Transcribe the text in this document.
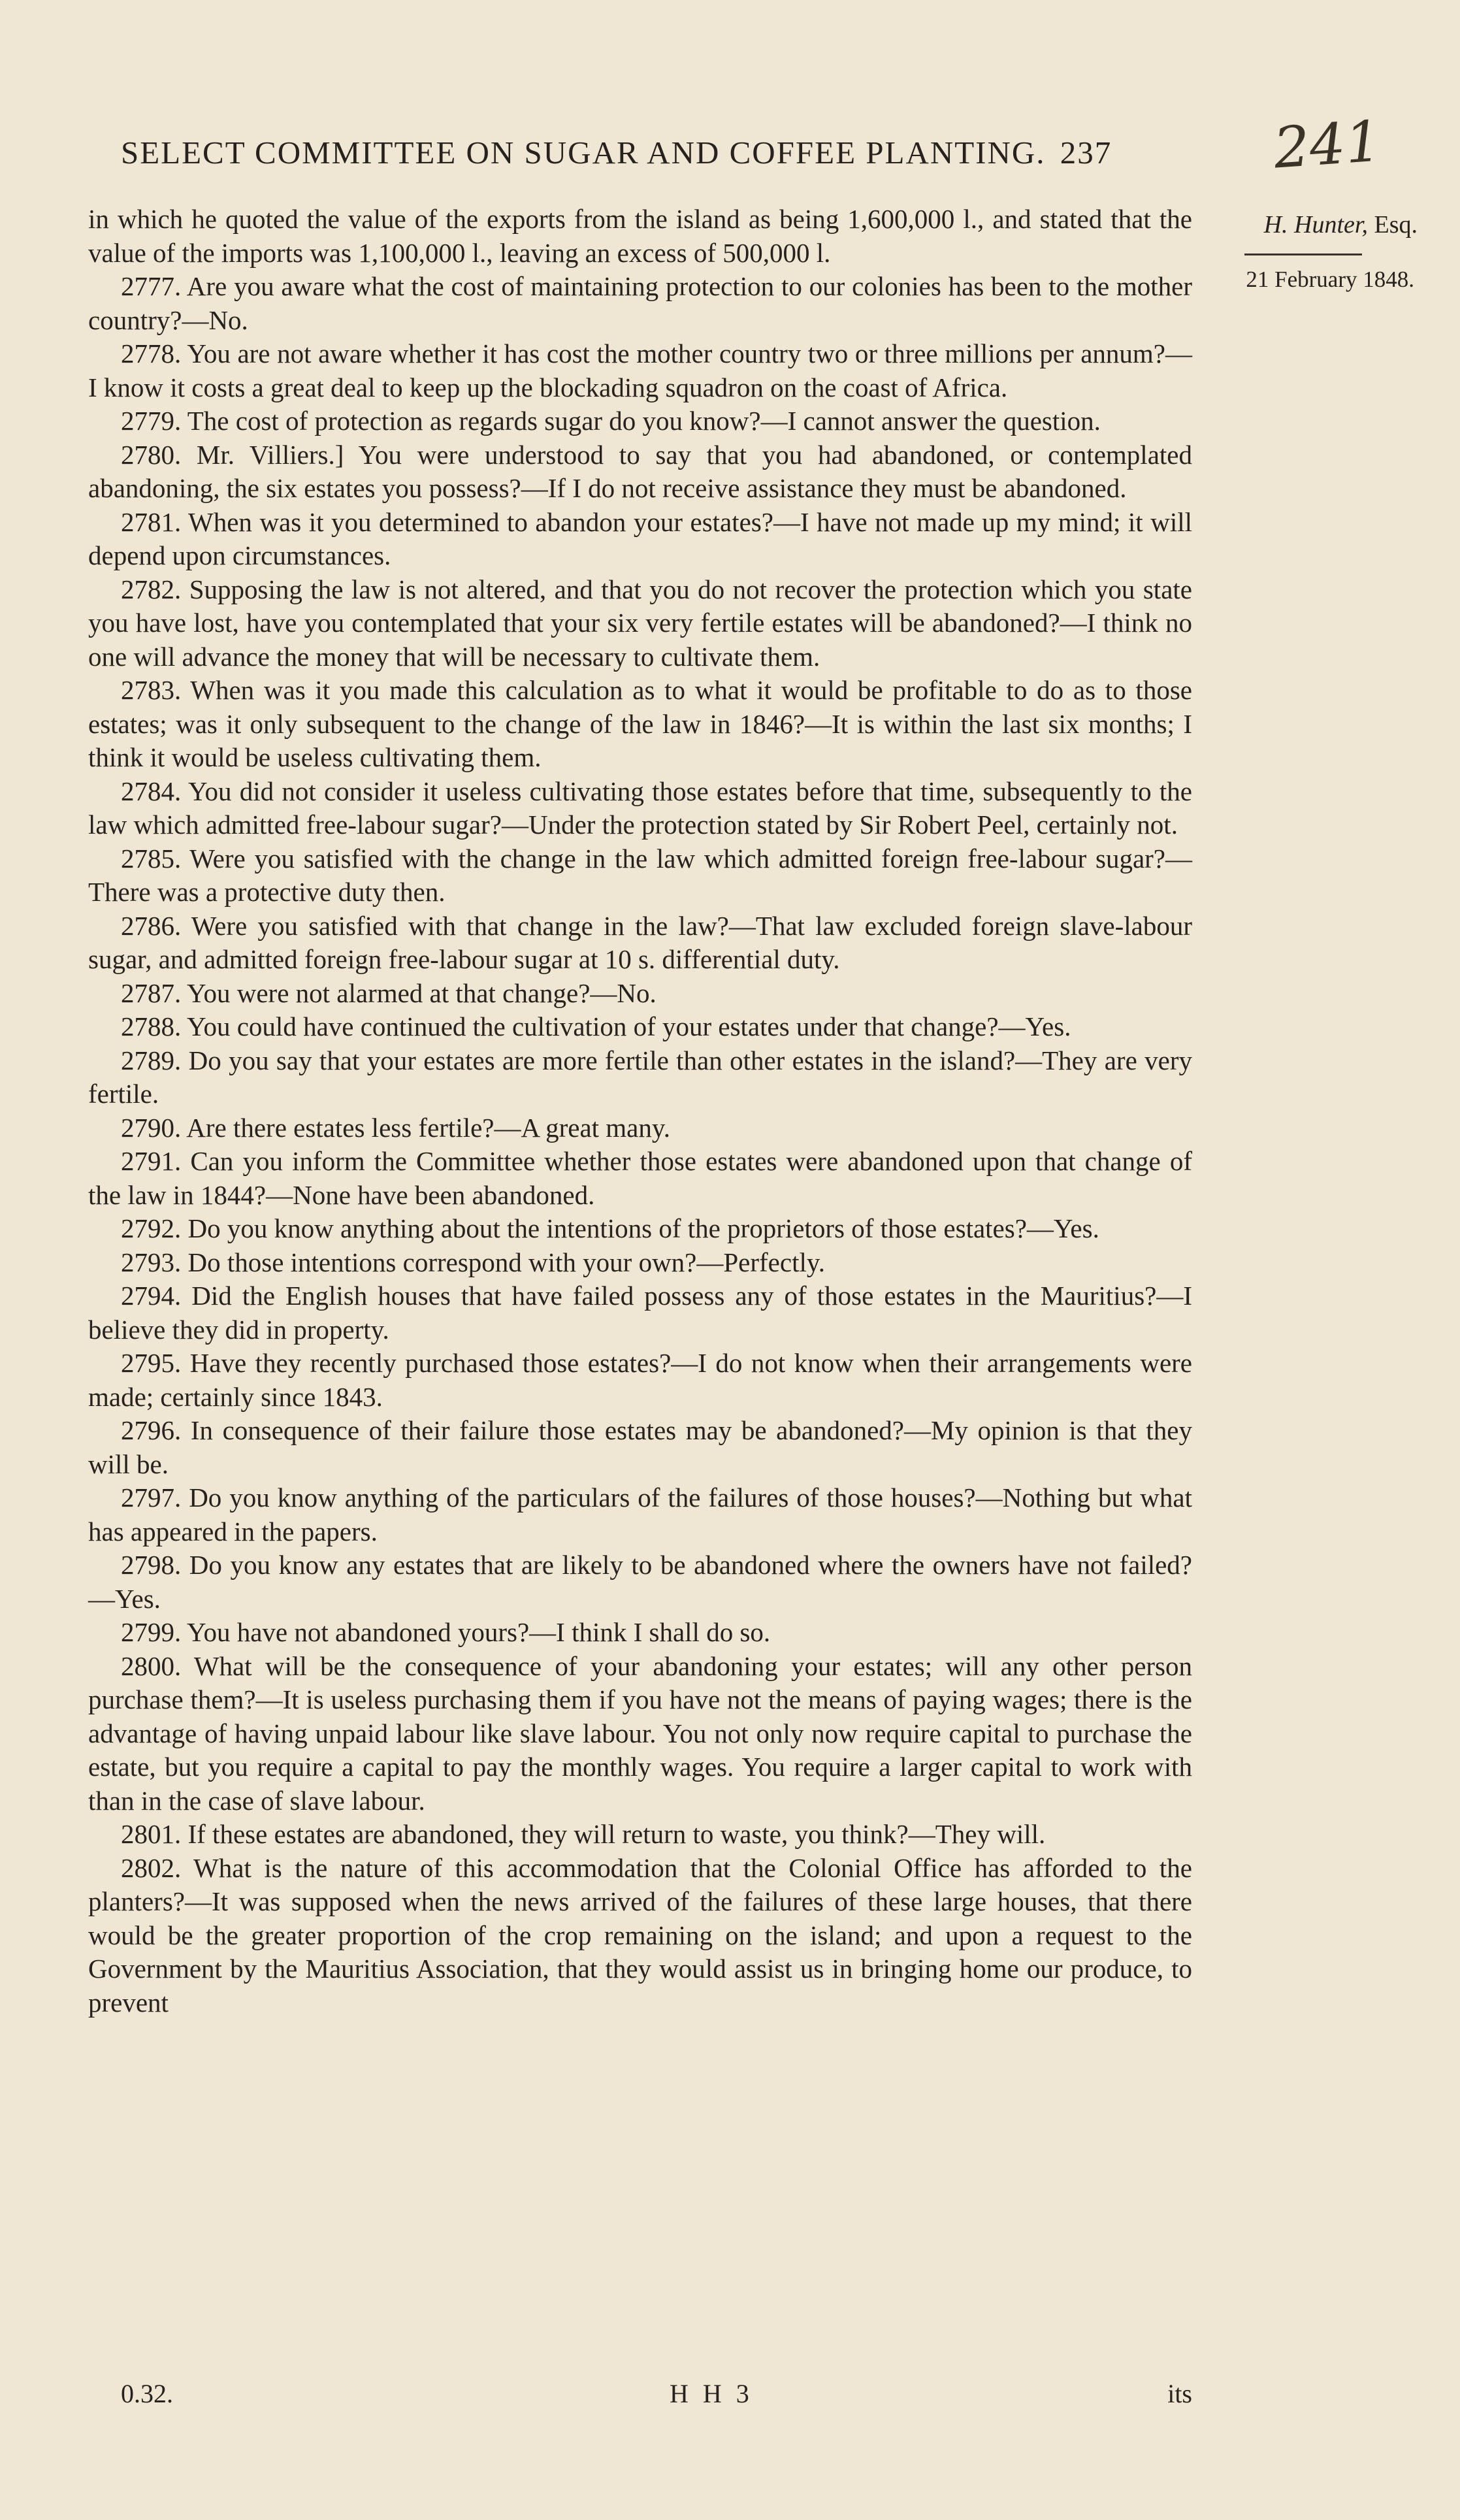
SELECT COMMITTEE ON SUGAR AND COFFEE PLANTING. 237	241
H. Hunter, Esq.
21 February 1848.

in which he quoted the value of the exports from the island as being 1,600,000 l., and stated that the value of the imports was 1,100,000 l., leaving an excess of 500,000 l.

2777. Are you aware what the cost of maintaining protection to our colonies has been to the mother country?—No.

2778. You are not aware whether it has cost the mother country two or three millions per annum?—I know it costs a great deal to keep up the blockading squadron on the coast of Africa.

2779. The cost of protection as regards sugar do you know?—I cannot answer the question.

2780. Mr. Villiers.] You were understood to say that you had abandoned, or contemplated abandoning, the six estates you possess?—If I do not receive assistance they must be abandoned.

2781. When was it you determined to abandon your estates?—I have not made up my mind; it will depend upon circumstances.

2782. Supposing the law is not altered, and that you do not recover the protection which you state you have lost, have you contemplated that your six very fertile estates will be abandoned?—I think no one will advance the money that will be necessary to cultivate them.

2783. When was it you made this calculation as to what it would be profitable to do as to those estates; was it only subsequent to the change of the law in 1846?—It is within the last six months; I think it would be useless cultivating them.

2784. You did not consider it useless cultivating those estates before that time, subsequently to the law which admitted free-labour sugar?—Under the protection stated by Sir Robert Peel, certainly not.

2785. Were you satisfied with the change in the law which admitted foreign free-labour sugar?—There was a protective duty then.

2786. Were you satisfied with that change in the law?—That law excluded foreign slave-labour sugar, and admitted foreign free-labour sugar at 10 s. differential duty.

2787. You were not alarmed at that change?—No.

2788. You could have continued the cultivation of your estates under that change?—Yes.

2789. Do you say that your estates are more fertile than other estates in the island?—They are very fertile.

2790. Are there estates less fertile?—A great many.

2791. Can you inform the Committee whether those estates were abandoned upon that change of the law in 1844?—None have been abandoned.

2792. Do you know anything about the intentions of the proprietors of those estates?—Yes.

2793. Do those intentions correspond with your own?—Perfectly.

2794. Did the English houses that have failed possess any of those estates in the Mauritius?—I believe they did in property.

2795. Have they recently purchased those estates?—I do not know when their arrangements were made; certainly since 1843.

2796. In consequence of their failure those estates may be abandoned?—My opinion is that they will be.

2797. Do you know anything of the particulars of the failures of those houses?—Nothing but what has appeared in the papers.

2798. Do you know any estates that are likely to be abandoned where the owners have not failed?—Yes.

2799. You have not abandoned yours?—I think I shall do so.

2800. What will be the consequence of your abandoning your estates; will any other person purchase them?—It is useless purchasing them if you have not the means of paying wages; there is the advantage of having unpaid labour like slave labour. You not only now require capital to purchase the estate, but you require a capital to pay the monthly wages. You require a larger capital to work with than in the case of slave labour.

2801. If these estates are abandoned, they will return to waste, you think?—They will.

2802. What is the nature of this accommodation that the Colonial Office has afforded to the planters?—It was supposed when the news arrived of the failures of these large houses, that there would be the greater proportion of the crop remaining on the island; and upon a request to the Government by the Mauritius Association, that they would assist us in bringing home our produce, to prevent

0.32.	H H 3	its
